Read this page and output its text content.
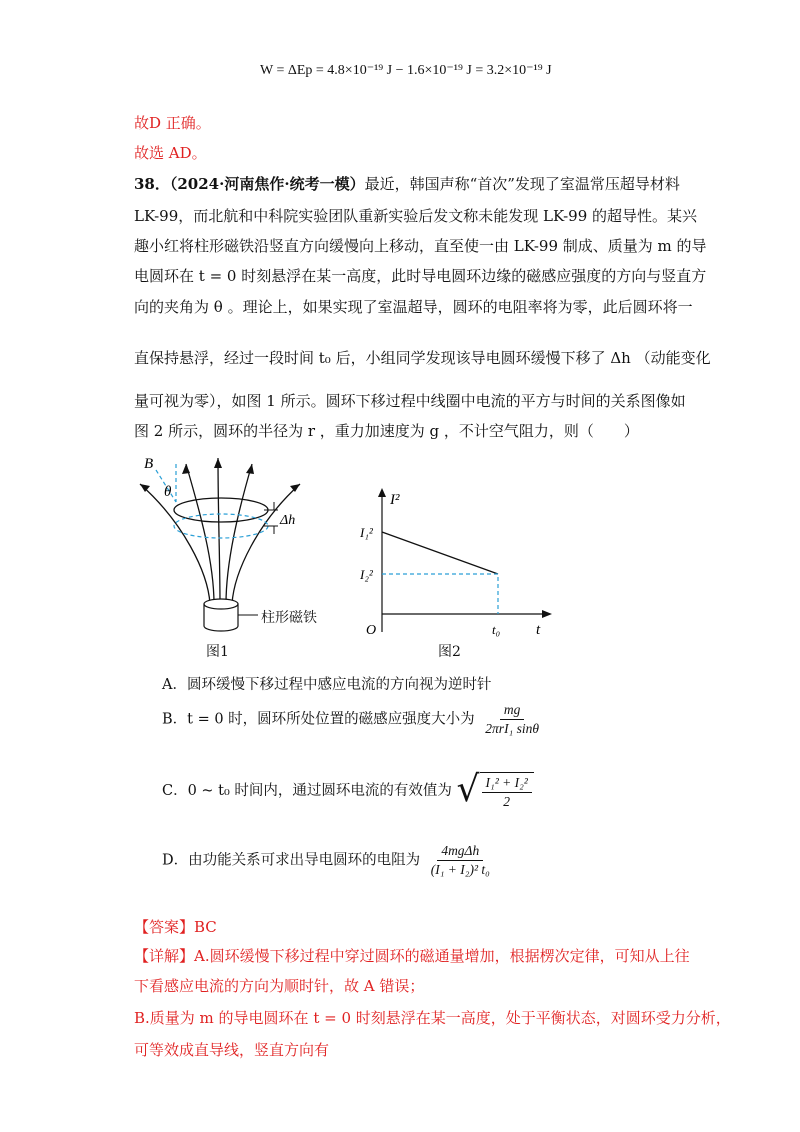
W = ΔEp = 4.8×10⁻¹⁹ J − 1.6×10⁻¹⁹ J = 3.2×10⁻¹⁹ J
故D 正确。
故选 AD。
38．（2024·河南焦作·统考一模）最近，韩国声称“首次”发现了室温常压超导材料
LK-99，而北航和中科院实验团队重新实验后发文称未能发现 LK-99 的超导性。某兴
趣小红将柱形磁铁沿竖直方向缓慢向上移动，直至使一由 LK-99 制成、质量为 m 的导
电圆环在 t = 0 时刻悬浮在某一高度，此时导电圆环边缘的磁感应强度的方向与竖直方
向的夹角为 θ 。理论上，如果实现了室温超导，圆环的电阻率将为零，此后圆环将一
直保持悬浮，经过一段时间 t₀ 后，小组同学发现该导电圆环缓慢下移了 Δh （动能变化
量可视为零），如图 1 所示。圆环下移过程中线圈中电流的平方与时间的关系图像如
图 2 所示，圆环的半径为 r ，重力加速度为 g ，不计空气阻力，则（　　）
B
θ
Δh
柱形磁铁
图1
I²
I₁²
I₂²
O	t₀ t
图2
A．圆环缓慢下移过程中感应电流的方向视为逆时针
B．t = 0 时，圆环所处位置的磁感应强度大小为 $\frac{mg}{\text{2πrI₁ sinθ}}$
C．0 ~ t₀ 时间内，通过圆环电流的有效值为 √ $\frac{\text{I₁² + I₂²}}{2}$
D．由功能关系可求出导电圆环的电阻为 $\frac{\text{4mgΔh}}{\text{(I₁ + I₂)² t₀}}$
【答案】BC
【详解】A.圆环缓慢下移过程中穿过圆环的磁通量增加，根据楞次定律，可知从上往
下看感应电流的方向为顺时针，故 A 错误；
B.质量为 m 的导电圆环在 t = 0 时刻悬浮在某一高度，处于平衡状态，对圆环受力分析，
可等效成直导线，竖直方向有
